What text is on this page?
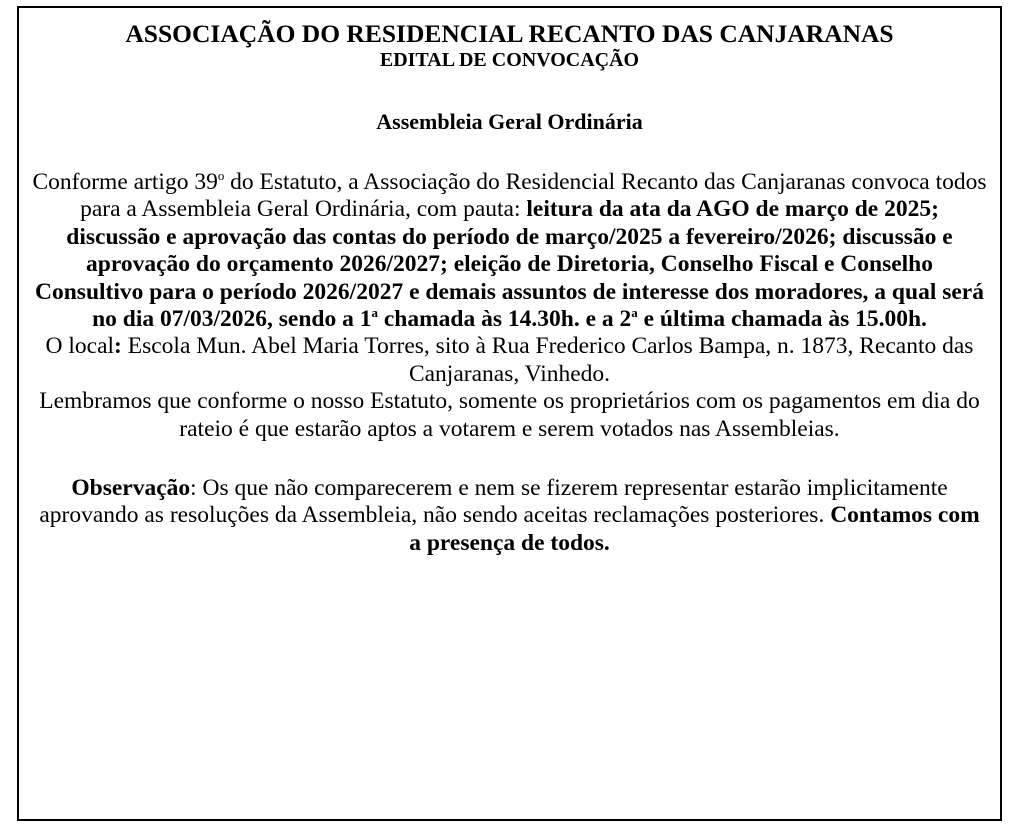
ASSOCIAÇÃO DO RESIDENCIAL RECANTO DAS CANJARANAS
EDITAL DE CONVOCAÇÃO
Assembleia Geral Ordinária
Conforme artigo 39$^o$ do Estatuto, a Associação do Residencial Recanto das Canjaranas convoca todos para a Assembleia Geral Ordinária, com pauta: leitura da ata da AGO de março de 2025; discussão e aprovação das contas do período de março/2025 a fevereiro/2026; discussão e aprovação do orçamento 2026/2027; eleição de Diretoria, Conselho Fiscal e Conselho Consultivo para o período 2026/2027 e demais assuntos de interesse dos moradores, a qual será no dia 07/03/2026, sendo a 1$^a$ chamada às 14.30h. e a 2$^a$ e última chamada às 15.00h.
O local: Escola Mun. Abel Maria Torres, sito à Rua Frederico Carlos Bampa, n. 1873, Recanto das Canjaranas, Vinhedo.
Lembramos que conforme o nosso Estatuto, somente os proprietários com os pagamentos em dia do rateio é que estarão aptos a votarem e serem votados nas Assembleias.
Observação: Os que não comparecerem e nem se fizerem representar estarão implicitamente aprovando as resoluções da Assembleia, não sendo aceitas reclamações posteriores. Contamos com a presença de todos.
